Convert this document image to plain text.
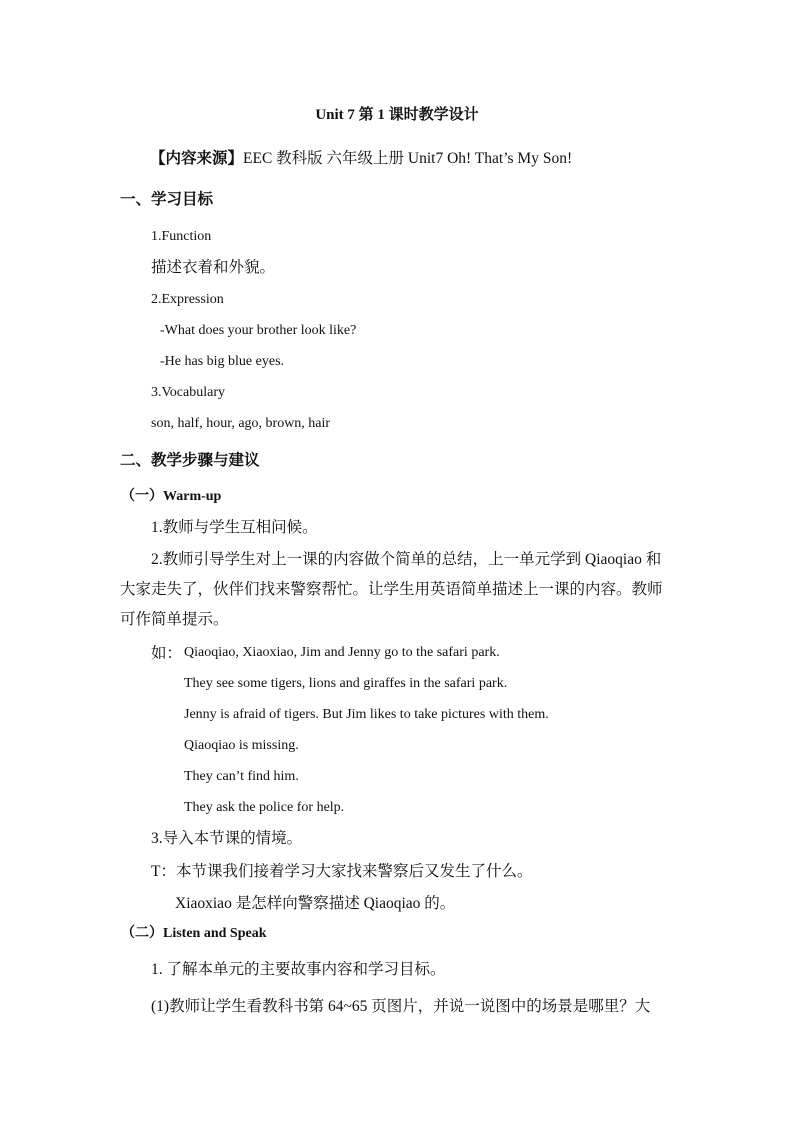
Unit 7 第 1 课时教学设计
【内容来源】EEC 教科版 六年级上册 Unit7 Oh! That’s My Son!
一、学习目标
1.Function
描述衣着和外貌。
2.Expression
-What does your brother look like?
-He has big blue eyes.
3.Vocabulary
son, half, hour, ago, brown, hair
二、教学步骤与建议
（一）Warm-up
1.教师与学生互相问候。
2.教师引导学生对上一课的内容做个简单的总结，上一单元学到 Qiaoqiao 和
大家走失了，伙伴们找来警察帮忙。让学生用英语简单描述上一课的内容。教师
可作简单提示。
如： Qiaoqiao, Xiaoxiao, Jim and Jenny go to the safari park.
They see some tigers, lions and giraffes in the safari park.
Jenny is afraid of tigers. But Jim likes to take pictures with them.
Qiaoqiao is missing.
They can’t find him.
They ask the police for help.
3.导入本节课的情境。
T：本节课我们接着学习大家找来警察后又发生了什么。
Xiaoxiao 是怎样向警察描述 Qiaoqiao 的。
（二）Listen and Speak
1. 了解本单元的主要故事内容和学习目标。
(1)教师让学生看教科书第 64~65 页图片，并说一说图中的场景是哪里？大
